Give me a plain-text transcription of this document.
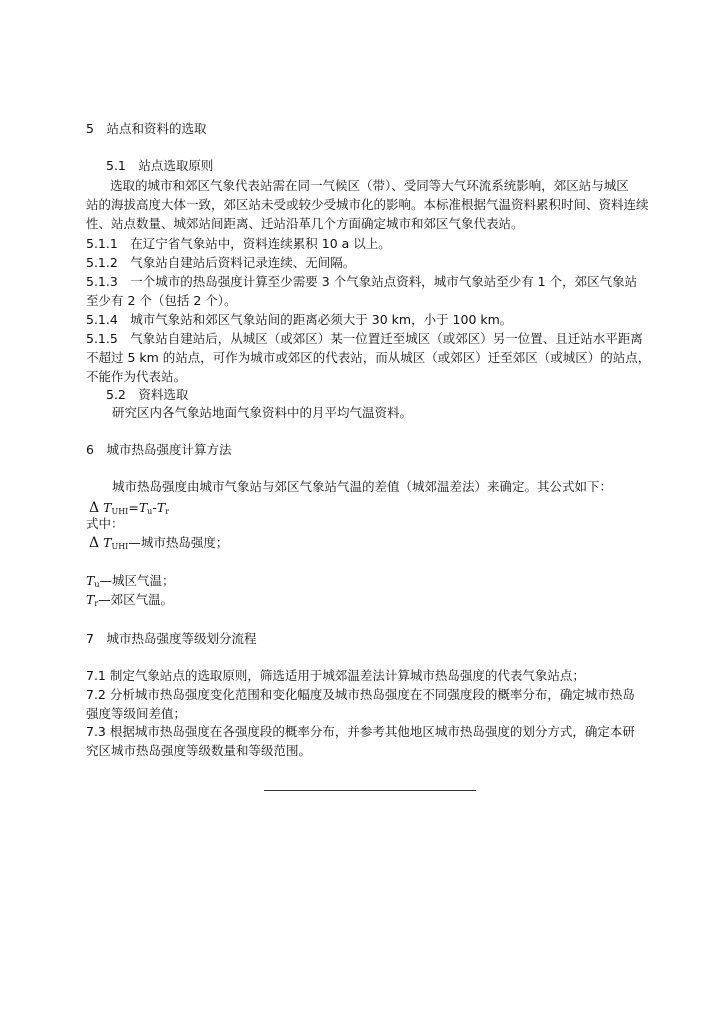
5　站点和资料的选取
5.1　站点选取原则
选取的城市和郊区气象代表站需在同一气候区（带）、受同等大气环流系统影响，郊区站与城区
站的海拔高度大体一致，郊区站未受或较少受城市化的影响。本标准根据气温资料累积时间、资料连续
性、站点数量、城郊站间距离、迁站沿革几个方面确定城市和郊区气象代表站。
5.1.1　在辽宁省气象站中，资料连续累积 10 a 以上。
5.1.2　气象站自建站后资料记录连续、无间隔。
5.1.3　一个城市的热岛强度计算至少需要 3 个气象站点资料，城市气象站至少有 1 个，郊区气象站
至少有 2 个（包括 2 个）。
5.1.4　城市气象站和郊区气象站间的距离必须大于 30 km，小于 100 km。
5.1.5　气象站自建站后，从城区（或郊区）某一位置迁至城区（或郊区）另一位置、且迁站水平距离
不超过 5 km 的站点，可作为城市或郊区的代表站，而从城区（或郊区）迁至郊区（或城区）的站点，
不能作为代表站。
5.2　资料选取
研究区内各气象站地面气象资料中的月平均气温资料。
6　城市热岛强度计算方法
城市热岛强度由城市气象站与郊区气象站气温的差值（城郊温差法）来确定。其公式如下：
Δ $T_{UHI}=T_u-T_r$
式中：
Δ $T_{UHI}—$城市热岛强度；
$T_u—$城区气温；
$T_r—$郊区气温。
7　城市热岛强度等级划分流程
7.1 制定气象站点的选取原则，筛选适用于城郊温差法计算城市热岛强度的代表气象站点；
7.2 分析城市热岛强度变化范围和变化幅度及城市热岛强度在不同强度段的概率分布，确定城市热岛
强度等级间差值；
7.3 根据城市热岛强度在各强度段的概率分布，并参考其他地区城市热岛强度的划分方式，确定本研
究区城市热岛强度等级数量和等级范围。
